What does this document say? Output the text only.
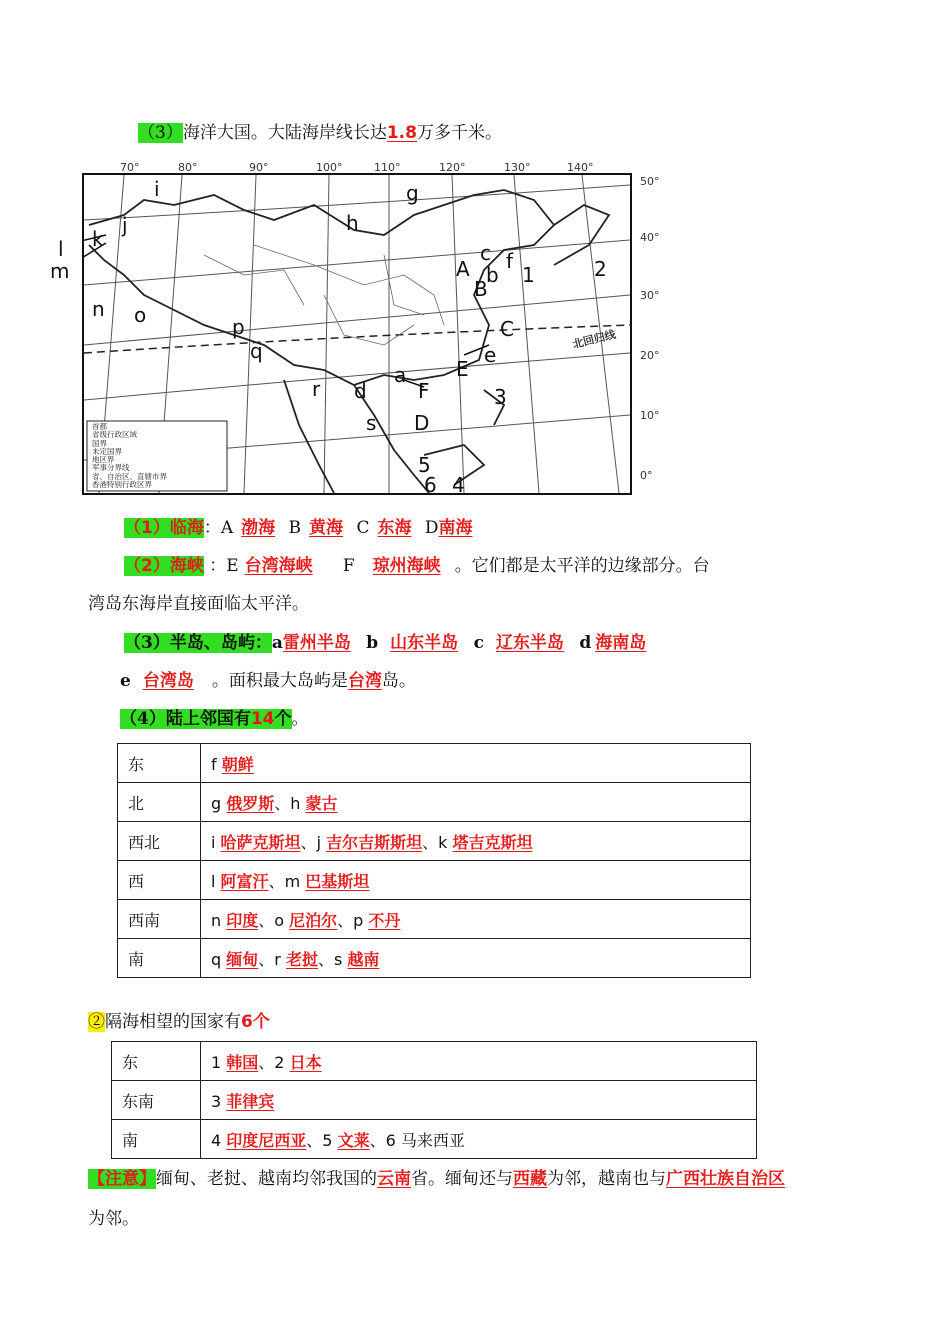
（3）海洋大国。大陆海岸线长达1.8万多千米。
70°	80°	90°	100°	110°	120°	130°	140°
50°
40°
30°
20°
10°
0°
北回归线
i
h
g
k
l
m
j
n o	p
q
r d
a
s
c
b
f
e
A
B
C
E
F
D
1	2
3
4
5
6
首都
省级行政区域
国界
未定国界
地区界
军事分界线
省、自治区、直辖市界
香港特别行政区界
（1）临海：A 渤海 B 黄海 C 东海 D南海
（2）海峡 ：E 台湾海峡 F 琼州海峡 。它们都是太平洋的边缘部分。台
湾岛东海岸直接面临太平洋。
（3）半岛、岛屿：a雷州半岛 b 山东半岛 c 辽东半岛 d 海南岛
e 台湾岛 。面积最大岛屿是台湾岛。
（4）陆上邻国有14个。
东	f 朝鲜
北	g 俄罗斯、h 蒙古
西北	i 哈萨克斯坦、j 吉尔吉斯斯坦、k 塔吉克斯坦
西	l 阿富汗、m 巴基斯坦
西南	n 印度、o 尼泊尔、p 不丹
南	q 缅甸、r 老挝、s 越南
②隔海相望的国家有6个
东	1 韩国、2 日本
东南	3 菲律宾
南	4 印度尼西亚、5 文莱、6 马来西亚
【注意】缅甸、老挝、越南均邻我国的云南省。缅甸还与西藏为邻，越南也与广西壮族自治区
为邻。
